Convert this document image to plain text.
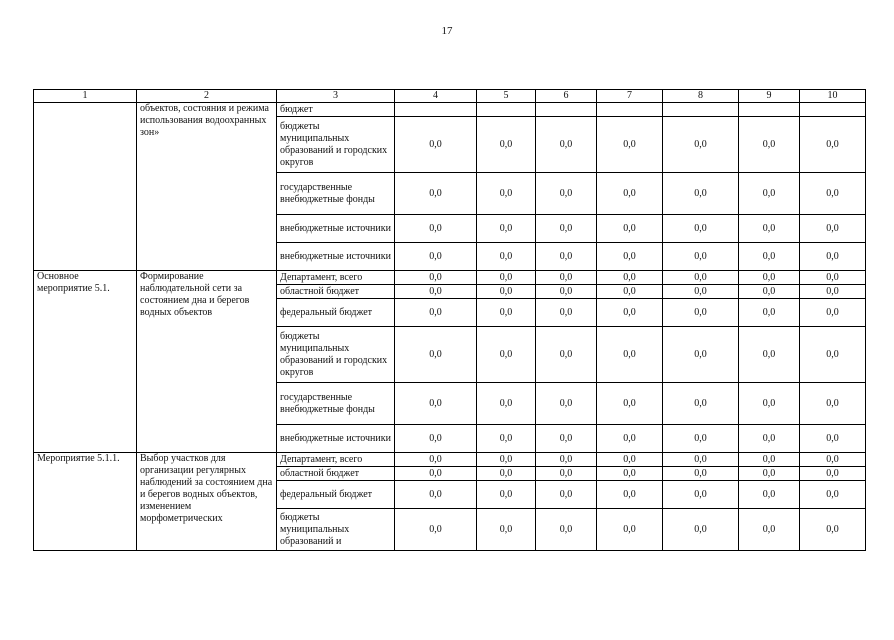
17
1	2	3	4	5	6	7	8	9	10
	объектов, состояния и режима использования водоохранных зон»	бюджет							
		бюджеты муниципальных образований и городских округов	0,0	0,0	0,0	0,0	0,0	0,0	0,0
		государственные внебюджетные фонды	0,0	0,0	0,0	0,0	0,0	0,0	0,0
		внебюджетные источники	0,0	0,0	0,0	0,0	0,0	0,0	0,0
		внебюджетные источники	0,0	0,0	0,0	0,0	0,0	0,0	0,0
Основное мероприятие 5.1.	Формирование наблюдательной сети за состоянием дна и берегов водных объектов	Департамент, всего	0,0	0,0	0,0	0,0	0,0	0,0	0,0
		областной бюджет	0,0	0,0	0,0	0,0	0,0	0,0	0,0
		федеральный бюджет	0,0	0,0	0,0	0,0	0,0	0,0	0,0
		бюджеты муниципальных образований и городских округов	0,0	0,0	0,0	0,0	0,0	0,0	0,0
		государственные внебюджетные фонды	0,0	0,0	0,0	0,0	0,0	0,0	0,0
		внебюджетные источники	0,0	0,0	0,0	0,0	0,0	0,0	0,0
Мероприятие 5.1.1.	Выбор участков для организации регулярных наблюдений за состоянием дна и берегов водных объектов, изменением морфометрических	Департамент, всего	0,0	0,0	0,0	0,0	0,0	0,0	0,0
		областной бюджет	0,0	0,0	0,0	0,0	0,0	0,0	0,0
		федеральный бюджет	0,0	0,0	0,0	0,0	0,0	0,0	0,0
		бюджеты муниципальных образований и	0,0	0,0	0,0	0,0	0,0	0,0	0,0
